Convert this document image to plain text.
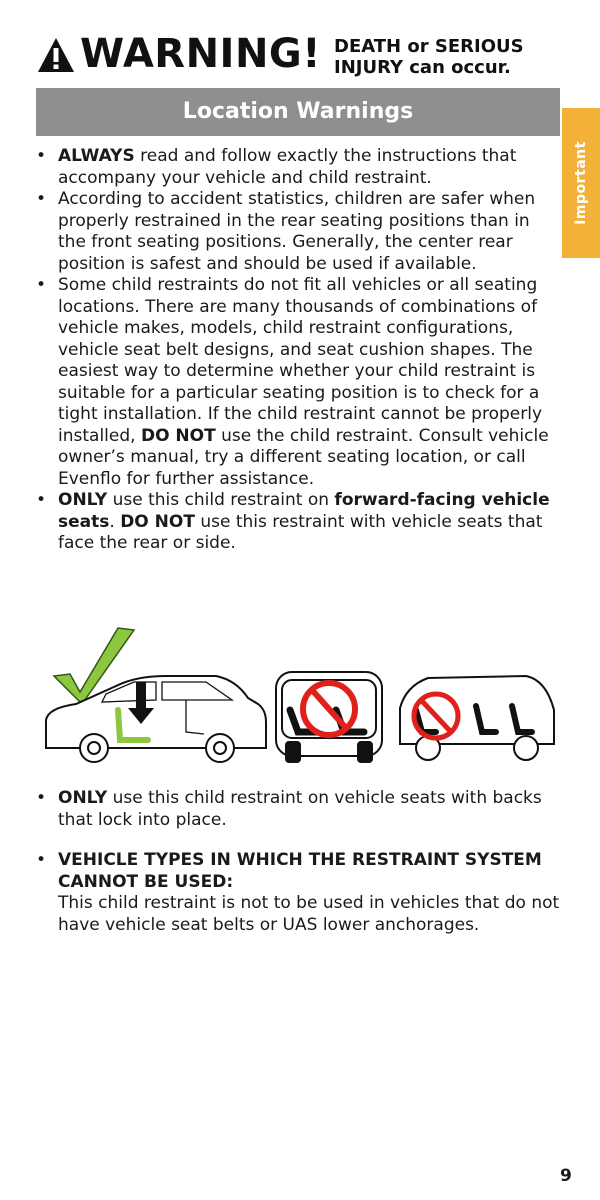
WARNING! DEATH or SERIOUS
INJURY can occur.
Location Warnings
Important
• ALWAYS read and follow exactly the instructions that accompany your vehicle and child restraint.
• According to accident statistics, children are safer when properly restrained in the rear seating positions than in the front seating positions. Generally, the center rear position is safest and should be used if available.
• Some child restraints do not fit all vehicles or all seating locations. There are many thousands of combinations of vehicle makes, models, child restraint configurations, vehicle seat belt designs, and seat cushion shapes. The easiest way to determine whether your child restraint is suitable for a particular seating position is to check for a tight installation. If the child restraint cannot be properly installed, DO NOT use the child restraint. Consult vehicle owner’s manual, try a different seating location, or call Evenflo for further assistance.
• ONLY use this child restraint on forward-facing vehicle seats. DO NOT use this restraint with vehicle seats that face the rear or side.
• ONLY use this child restraint on vehicle seats with backs that lock into place.
• VEHICLE TYPES IN WHICH THE RESTRAINT SYSTEM CANNOT BE USED:
This child restraint is not to be used in vehicles that do not have vehicle seat belts or UAS lower anchorages.
9
